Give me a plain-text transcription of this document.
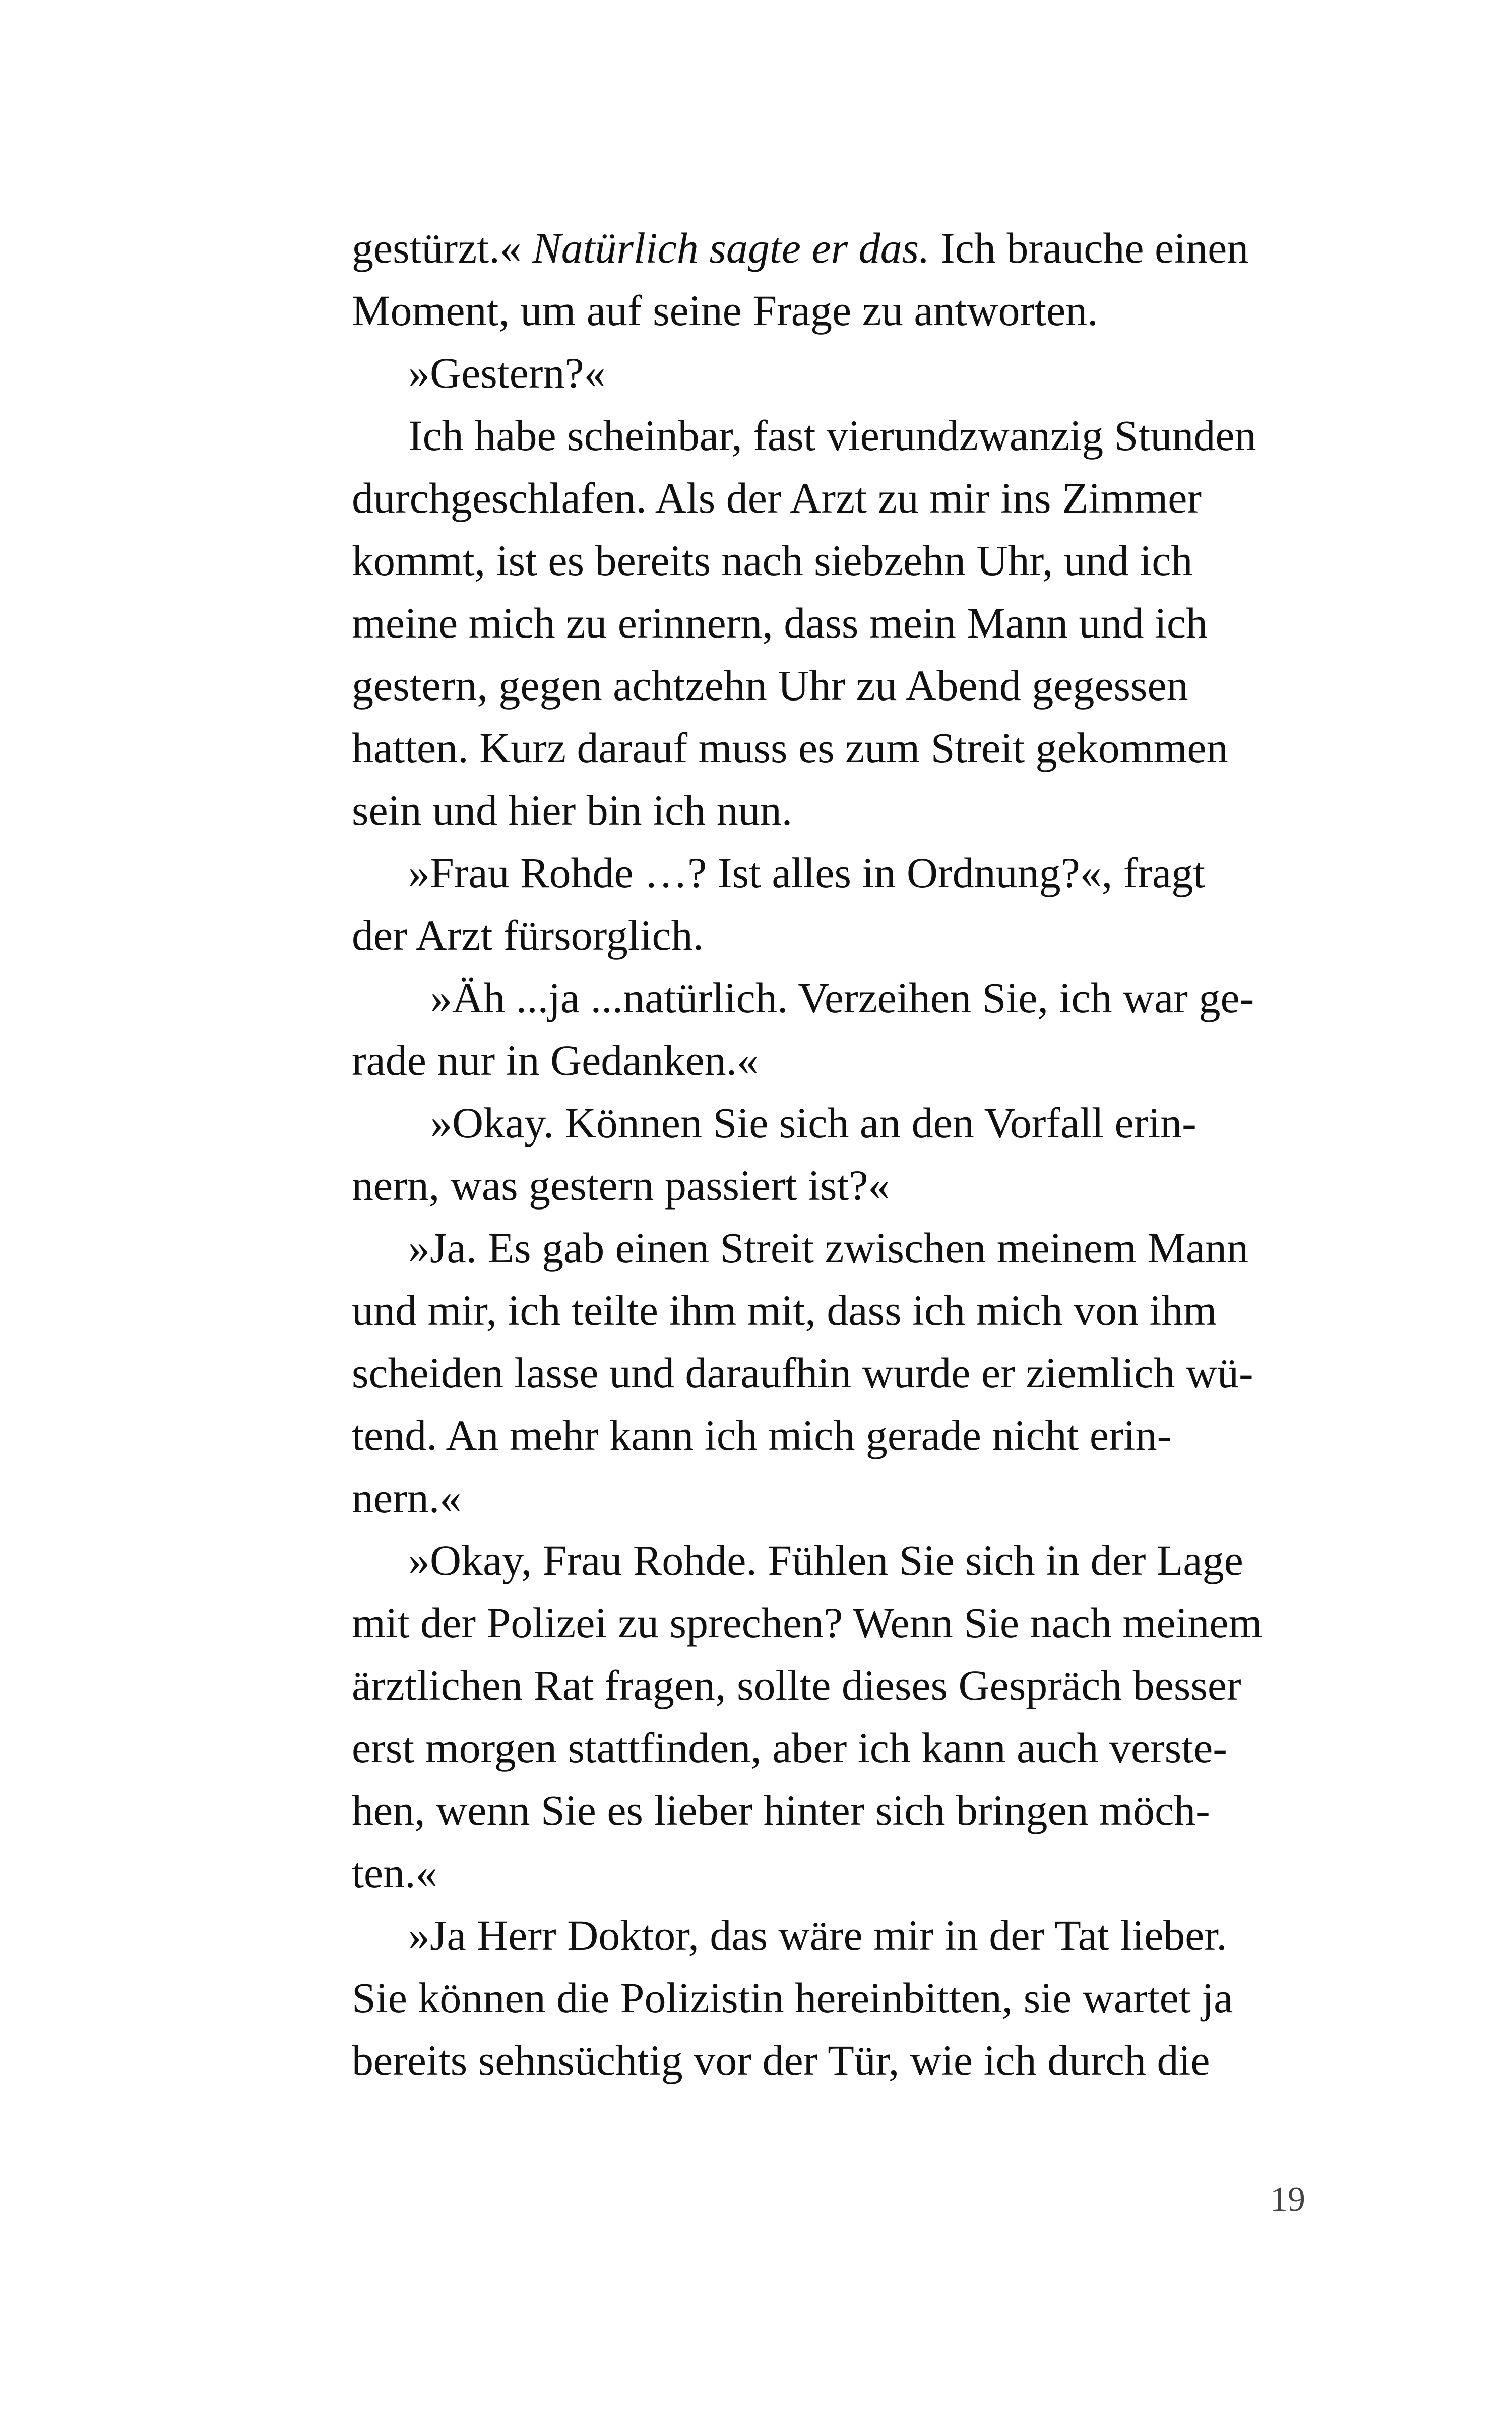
gestürzt.« Natürlich sagte er das. Ich brauche einen
Moment, um auf seine Frage zu antworten.
»Gestern?«
Ich habe scheinbar, fast vierundzwanzig Stunden
durchgeschlafen. Als der Arzt zu mir ins Zimmer
kommt, ist es bereits nach siebzehn Uhr, und ich
meine mich zu erinnern, dass mein Mann und ich
gestern, gegen achtzehn Uhr zu Abend gegessen
hatten. Kurz darauf muss es zum Streit gekommen
sein und hier bin ich nun.
»Frau Rohde …? Ist alles in Ordnung?«, fragt
der Arzt fürsorglich.
»Äh ...ja ...natürlich. Verzeihen Sie, ich war ge-
rade nur in Gedanken.«
»Okay. Können Sie sich an den Vorfall erin-
nern, was gestern passiert ist?«
»Ja. Es gab einen Streit zwischen meinem Mann
und mir, ich teilte ihm mit, dass ich mich von ihm
scheiden lasse und daraufhin wurde er ziemlich wü-
tend. An mehr kann ich mich gerade nicht erin-
nern.«
»Okay, Frau Rohde. Fühlen Sie sich in der Lage
mit der Polizei zu sprechen? Wenn Sie nach meinem
ärztlichen Rat fragen, sollte dieses Gespräch besser
erst morgen stattfinden, aber ich kann auch verste-
hen, wenn Sie es lieber hinter sich bringen möch-
ten.«
»Ja Herr Doktor, das wäre mir in der Tat lieber.
Sie können die Polizistin hereinbitten, sie wartet ja
bereits sehnsüchtig vor der Tür, wie ich durch die
19
